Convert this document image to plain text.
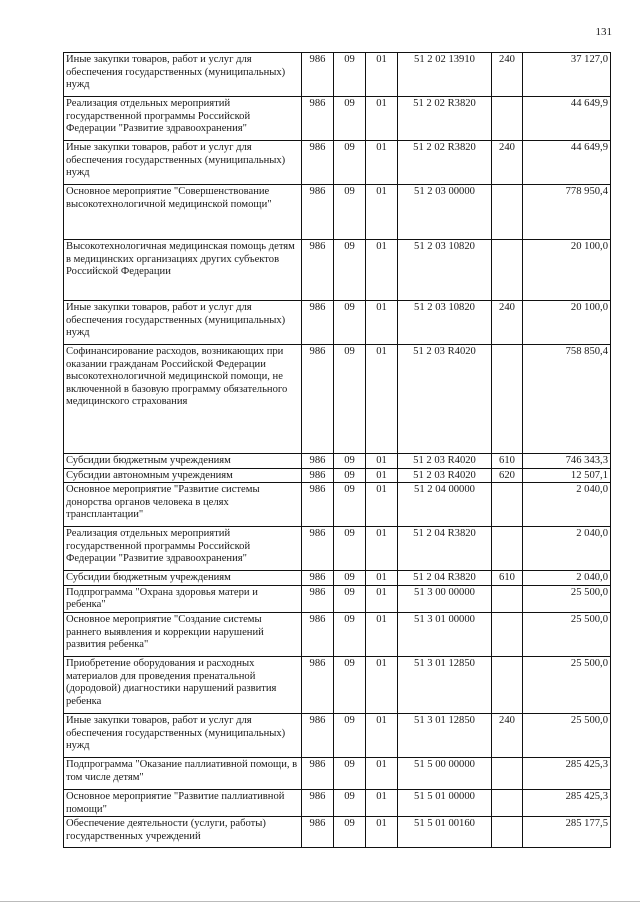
131
Иные закупки товаров, работ и услуг для обеспечения государственных (муниципальных) нужд	986	09	01	51 2 02 13910	240	37 127,0
Реализация отдельных мероприятий государственной программы Российской Федерации "Развитие здравоохранения"	986	09	01	51 2 02 R3820		44 649,9
Иные закупки товаров, работ и услуг для обеспечения государственных (муниципальных) нужд	986	09	01	51 2 02 R3820	240	44 649,9
Основное мероприятие "Совершенствование высокотехнологичной медицинской помощи"	986	09	01	51 2 03 00000		778 950,4
Высокотехнологичная медицинская помощь детям в медицинских организациях других субъектов Российской Федерации	986	09	01	51 2 03 10820		20 100,0
Иные закупки товаров, работ и услуг для обеспечения государственных (муниципальных) нужд	986	09	01	51 2 03 10820	240	20 100,0
Софинансирование расходов, возникающих при оказании гражданам Российской Федерации высокотехнологичной медицинской помощи, не включенной в базовую программу обязательного медицинского страхования	986	09	01	51 2 03 R4020		758 850,4
Субсидии бюджетным учреждениям	986	09	01	51 2 03 R4020	610	746 343,3
Субсидии автономным учреждениям	986	09	01	51 2 03 R4020	620	12 507,1
Основное мероприятие "Развитие системы донорства органов человека в целях трансплантации"	986	09	01	51 2 04 00000		2 040,0
Реализация отдельных мероприятий государственной программы Российской Федерации "Развитие здравоохранения"	986	09	01	51 2 04 R3820		2 040,0
Субсидии бюджетным учреждениям	986	09	01	51 2 04 R3820	610	2 040,0
Подпрограмма "Охрана здоровья матери и ребенка"	986	09	01	51 3 00 00000		25 500,0
Основное мероприятие "Создание системы раннего выявления и коррекции нарушений развития ребенка"	986	09	01	51 3 01 00000		25 500,0
Приобретение оборудования и расходных материалов для проведения пренатальной (дородовой) диагностики нарушений развития ребенка	986	09	01	51 3 01 12850		25 500,0
Иные закупки товаров, работ и услуг для обеспечения государственных (муниципальных) нужд	986	09	01	51 3 01 12850	240	25 500,0
Подпрограмма "Оказание паллиативной помощи, в том числе детям"	986	09	01	51 5 00 00000		285 425,3
Основное мероприятие "Развитие паллиативной помощи"	986	09	01	51 5 01 00000		285 425,3
Обеспечение деятельности (услуги, работы) государственных учреждений	986	09	01	51 5 01 00160		285 177,5
